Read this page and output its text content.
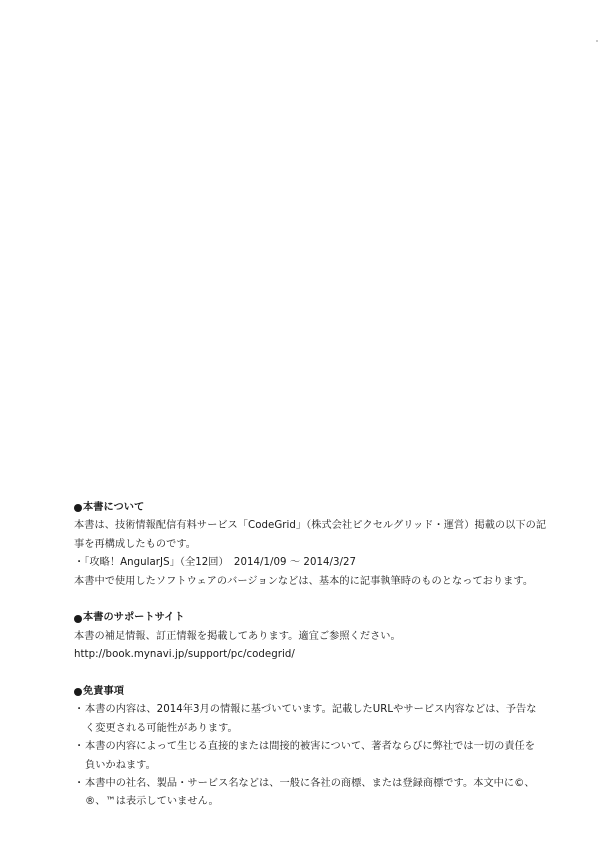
本書について

本書は、技術情報配信有料サービス「CodeGrid」（株式会社ピクセルグリッド・運営）掲載の以下の記

事を再構成したものです。

・「攻略！AngularJS」（全12回）　2014/1/09 ～ 2014/3/27

本書中で使用したソフトウェアのバージョンなどは、基本的に記事執筆時のものとなっております。

本書のサポートサイト

本書の補足情報、訂正情報を掲載してあります。適宜ご参照ください。

http://book.mynavi.jp/support/pc/codegrid/

免責事項
・ 本書の内容は、2014年3月の情報に基づいています。記載したURLやサービス内容などは、予告な
く変更される可能性があります。
・ 本書の内容によって生じる直接的または間接的被害について、著者ならびに弊社では一切の責任を
負いかねます。
・ 本書中の社名、製品・サービス名などは、一般に各社の商標、または登録商標です。本文中に©、
®、™は表示していません。
